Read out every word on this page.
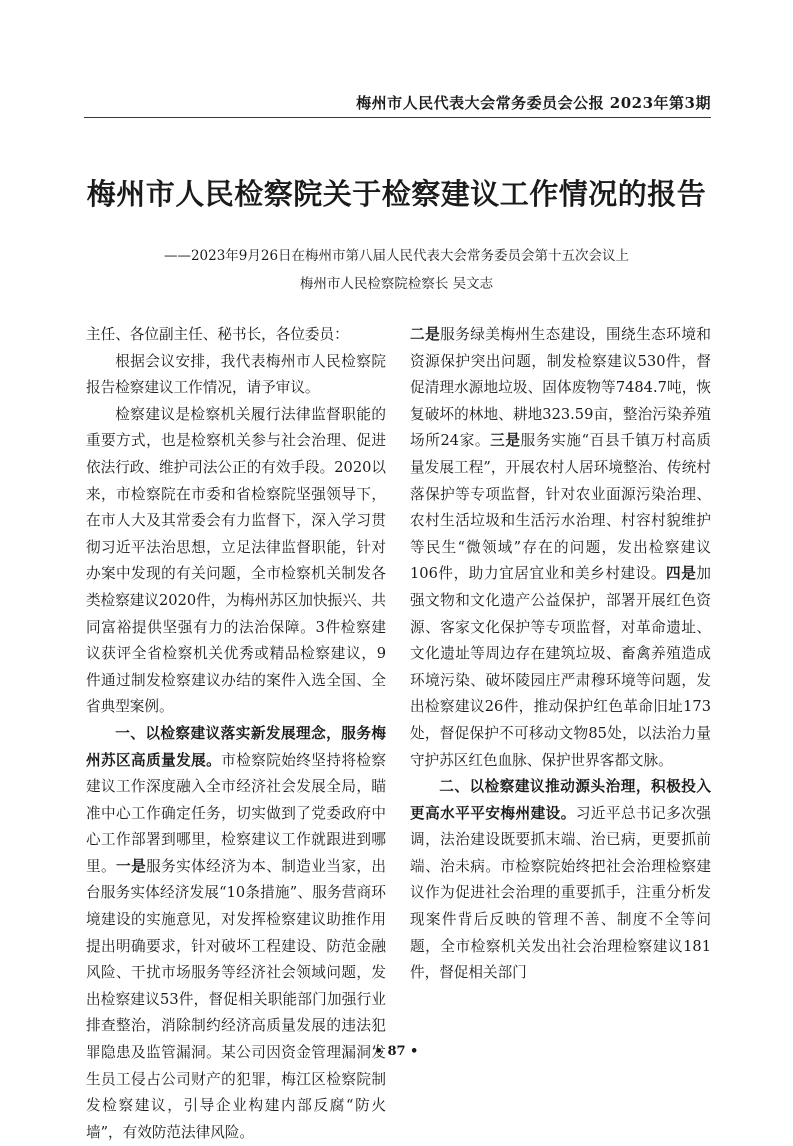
梅州市人民代表大会常务委员会公报 2023年第3期
梅州市人民检察院关于检察建议工作情况的报告
——2023年9月26日在梅州市第八届人民代表大会常务委员会第十五次会议上
梅州市人民检察院检察长 吴文志

主任、各位副主任、秘书长，各位委员：

根据会议安排，我代表梅州市人民检察院报告检察建议工作情况，请予审议。

检察建议是检察机关履行法律监督职能的重要方式，也是检察机关参与社会治理、促进依法行政、维护司法公正的有效手段。2020以来，市检察院在市委和省检察院坚强领导下，在市人大及其常委会有力监督下，深入学习贯彻习近平法治思想，立足法律监督职能，针对办案中发现的有关问题，全市检察机关制发各类检察建议2020件，为梅州苏区加快振兴、共同富裕提供坚强有力的法治保障。3件检察建议获评全省检察机关优秀或精品检察建议，9件通过制发检察建议办结的案件入选全国、全省典型案例。

一、以检察建议落实新发展理念，服务梅州苏区高质量发展。市检察院始终坚持将检察建议工作深度融入全市经济社会发展全局，瞄准中心工作确定任务，切实做到了党委政府中心工作部署到哪里，检察建议工作就跟进到哪里。一是服务实体经济为本、制造业当家，出台服务实体经济发展“10条措施”、服务营商环境建设的实施意见，对发挥检察建议助推作用提出明确要求，针对破坏工程建设、防范金融风险、干扰市场服务等经济社会领域问题，发出检察建议53件，督促相关职能部门加强行业排查整治，消除制约经济高质量发展的违法犯罪隐患及监管漏洞。某公司因资金管理漏洞发生员工侵占公司财产的犯罪，梅江区检察院制发检察建议，引导企业构建内部反腐“防火墙”，有效防范法律风险。

二是服务绿美梅州生态建设，围绕生态环境和资源保护突出问题，制发检察建议530件，督促清理水源地垃圾、固体废物等7484.7吨，恢复破坏的林地、耕地323.59亩，整治污染养殖场所24家。三是服务实施“百县千镇万村高质量发展工程”，开展农村人居环境整治、传统村落保护等专项监督，针对农业面源污染治理、农村生活垃圾和生活污水治理、村容村貌维护等民生“微领域”存在的问题，发出检察建议106件，助力宜居宜业和美乡村建设。四是加强文物和文化遗产公益保护，部署开展红色资源、客家文化保护等专项监督，对革命遗址、文化遗址等周边存在建筑垃圾、畜禽养殖造成环境污染、破坏陵园庄严肃穆环境等问题，发出检察建议26件，推动保护红色革命旧址173处，督促保护不可移动文物85处，以法治力量守护苏区红色血脉、保护世界客都文脉。

二、以检察建议推动源头治理，积极投入更高水平平安梅州建设。习近平总书记多次强调，法治建设既要抓末端、治已病，更要抓前端、治未病。市检察院始终把社会治理检察建议作为促进社会治理的重要抓手，注重分析发现案件背后反映的管理不善、制度不全等问题，全市检察机关发出社会治理检察建议181件，督促相关部门

• 87 •
